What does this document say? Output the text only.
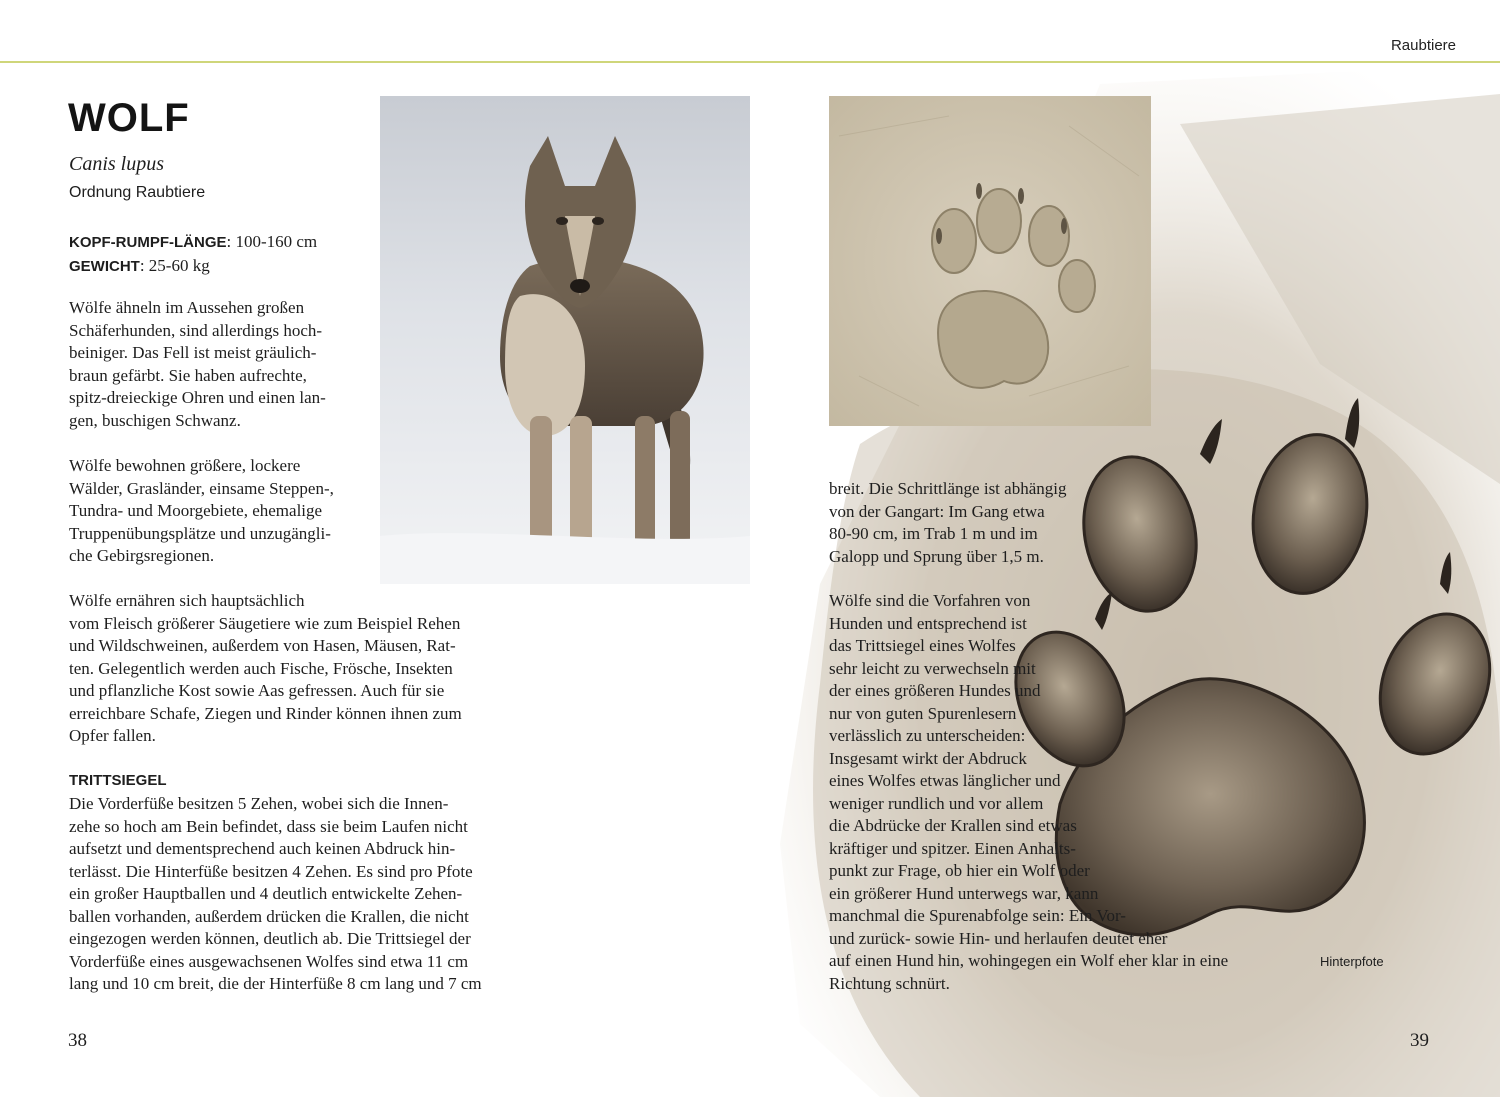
Raubtiere
WOLF
Canis lupus
Ordnung Raubtiere
KOPF-RUMPF-LÄNGE: 100-160 cm
GEWICHT: 25-60 kg
Wölfe ähneln im Aussehen großen
Schäferhunden, sind allerdings hoch-
beiniger. Das Fell ist meist gräulich-
braun gefärbt. Sie haben aufrechte,
spitz-dreieckige Ohren und einen lan-
gen, buschigen Schwanz.
Wölfe bewohnen größere, lockere
Wälder, Grasländer, einsame Steppen-,
Tundra- und Moorgebiete, ehemalige
Truppenübungsplätze und unzugängli-
che Gebirgsregionen.
Wölfe ernähren sich hauptsächlich
vom Fleisch größerer Säugetiere wie zum Beispiel Rehen
und Wildschweinen, außerdem von Hasen, Mäusen, Rat-
ten. Gelegentlich werden auch Fische, Frösche, Insekten
und pflanzliche Kost sowie Aas gefressen. Auch für sie
erreichbare Schafe, Ziegen und Rinder können ihnen zum
Opfer fallen.
TRITTSIEGEL
Die Vorderfüße besitzen 5 Zehen, wobei sich die Innen-
zehe so hoch am Bein befindet, dass sie beim Laufen nicht
aufsetzt und dementsprechend auch keinen Abdruck hin-
terlässt. Die Hinterfüße besitzen 4 Zehen. Es sind pro Pfote
ein großer Hauptballen und 4 deutlich entwickelte Zehen-
ballen vorhanden, außerdem drücken die Krallen, die nicht
eingezogen werden können, deutlich ab. Die Trittsiegel der
Vorderfüße eines ausgewachsenen Wolfes sind etwa 11 cm
lang und 10 cm breit, die der Hinterfüße 8 cm lang und 7 cm
38
breit. Die Schrittlänge ist abhängig
von der Gangart: Im Gang etwa
80-90 cm, im Trab 1 m und im
Galopp und Sprung über 1,5 m.
Wölfe sind die Vorfahren von
Hunden und entsprechend ist
das Trittsiegel eines Wolfes
sehr leicht zu verwechseln mit
der eines größeren Hundes und
nur von guten Spurenlesern
verlässlich zu unterscheiden:
Insgesamt wirkt der Abdruck
eines Wolfes etwas länglicher und
weniger rundlich und vor allem
die Abdrücke der Krallen sind etwas
kräftiger und spitzer. Einen Anhalts-
punkt zur Frage, ob hier ein Wolf oder
ein größerer Hund unterwegs war, kann
manchmal die Spurenabfolge sein: Ein Vor-
und zurück- sowie Hin- und herlaufen deutet eher
auf einen Hund hin, wohingegen ein Wolf eher klar in eine
Richtung schnürt.
Hinterpfote
39
